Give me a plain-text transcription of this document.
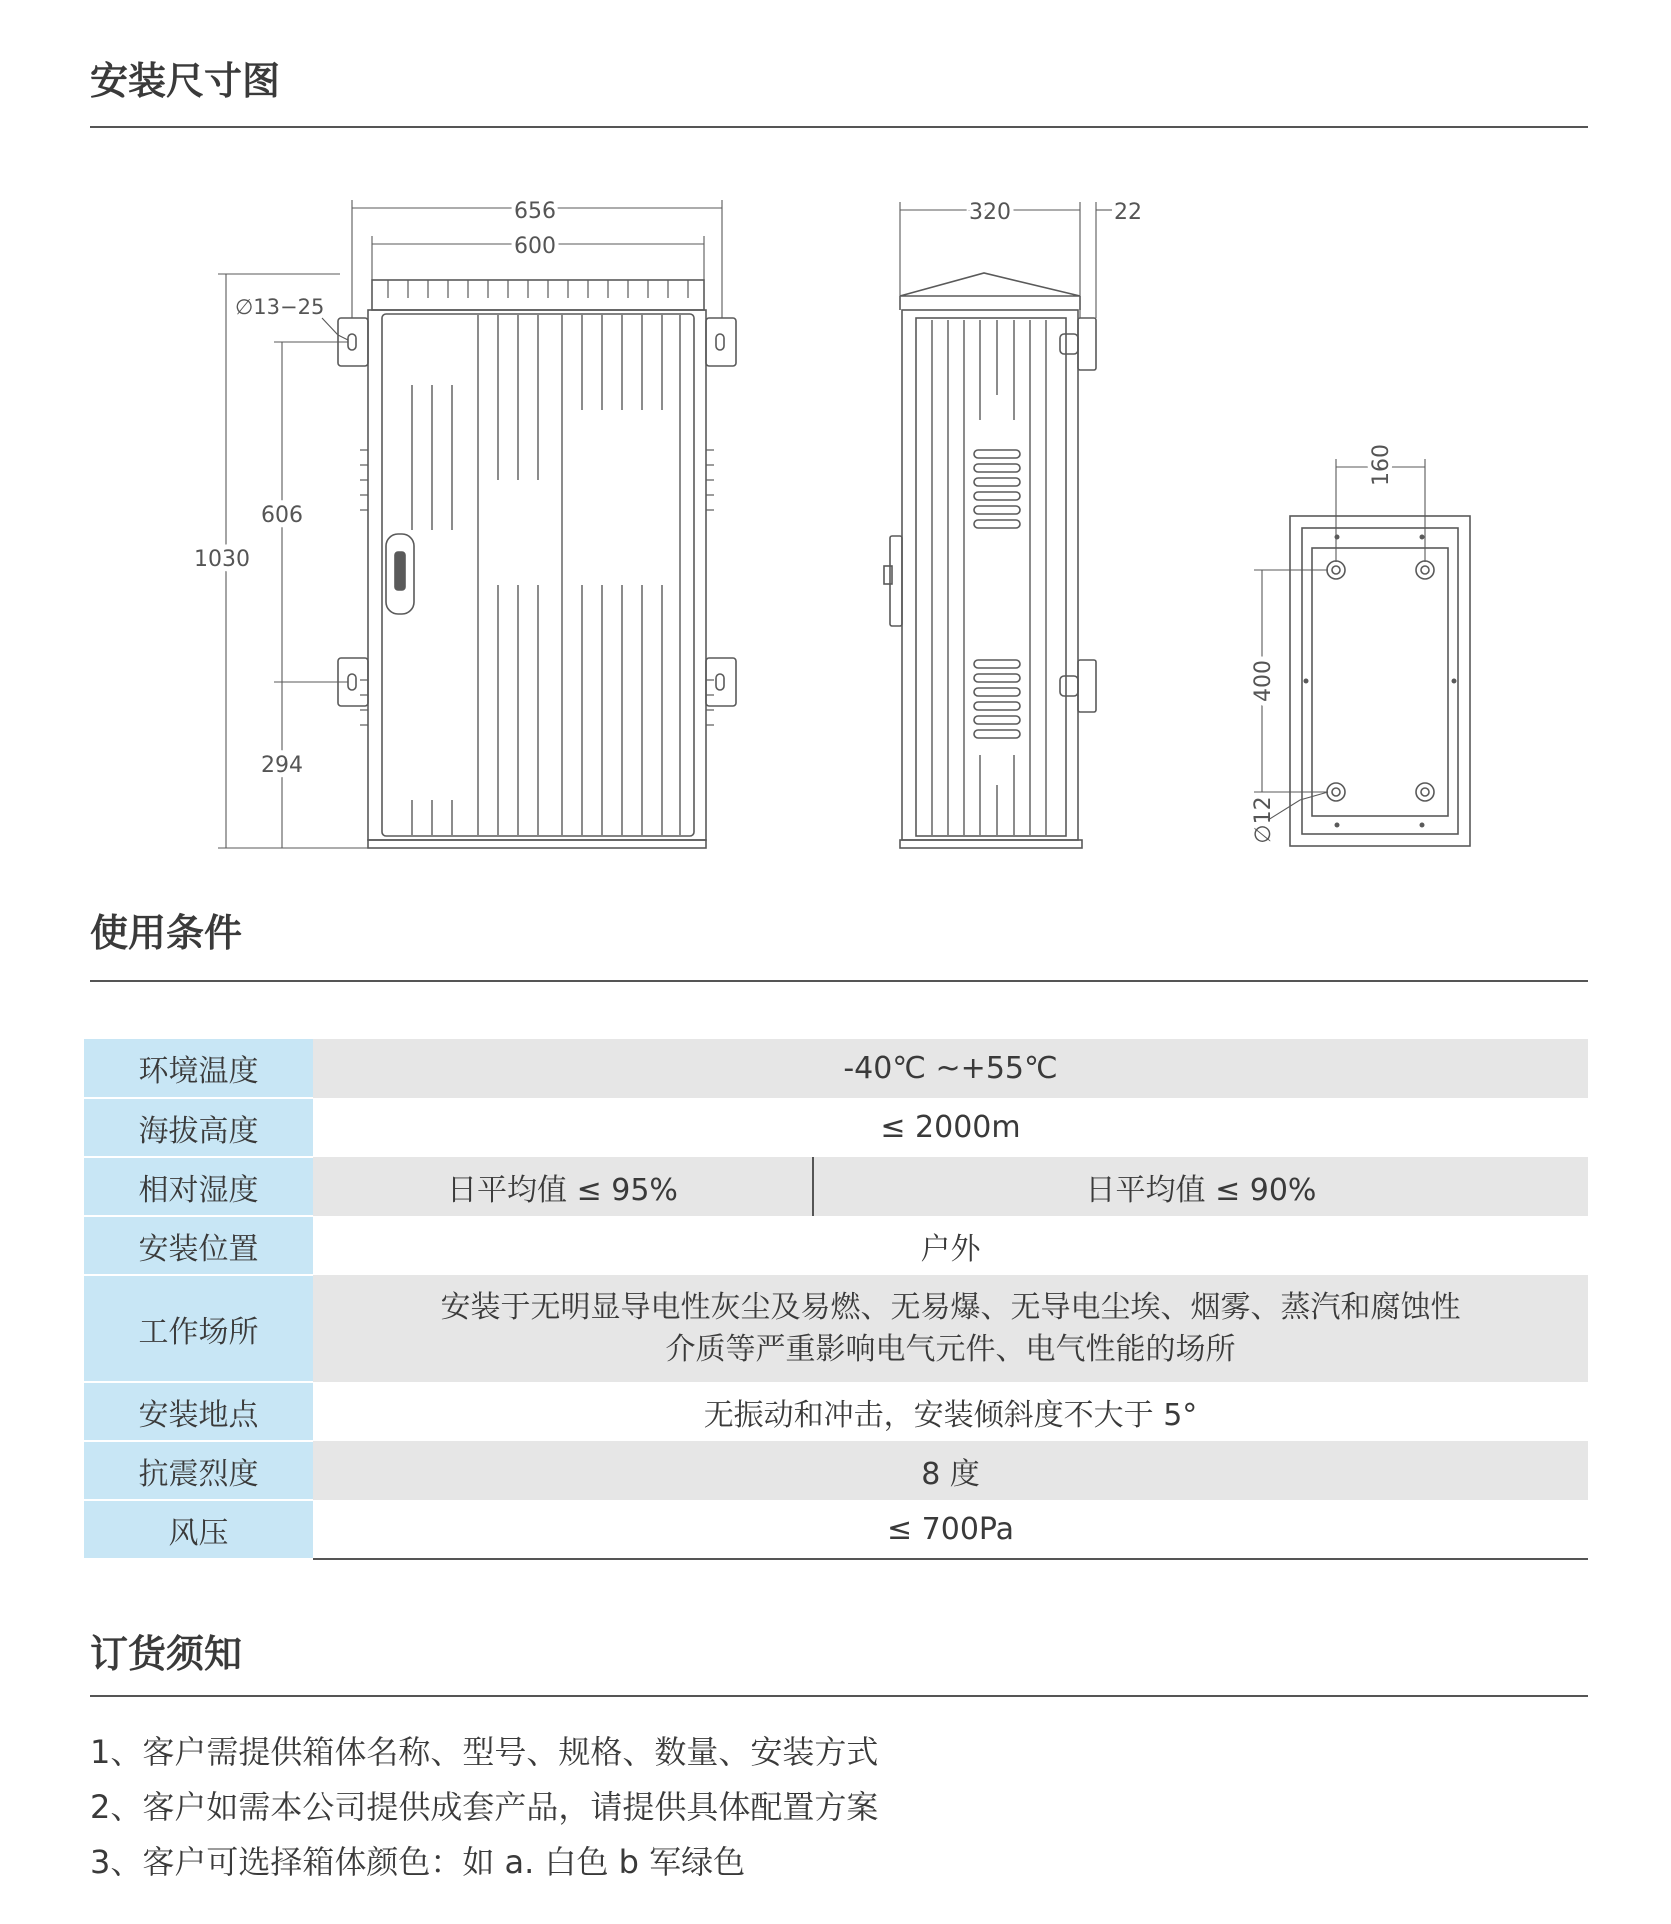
安装尺寸图
656
600
∅13−25
1030
606
294
320	22
160
400
∅12
使用条件
环境温度	-40℃ ~+55℃	
海拔高度	≤ 2000m	
相对湿度	日平均值 ≤ 95%	日平均值 ≤ 90%
安装位置	户外	
工作场所	安装于无明显导电性灰尘及易燃、无易爆、无导电尘埃、烟雾、蒸汽和腐蚀性
介质等严重影响电气元件、电气性能的场所	

安装地点	无振动和冲击，安装倾斜度不大于 5°	
抗震烈度	8 度	
风压	≤ 700Pa	
订货须知
1、客户需提供箱体名称、型号、规格、数量、安装方式
2、客户如需本公司提供成套产品，请提供具体配置方案
3、客户可选择箱体颜色：如 a. 白色 b 军绿色
